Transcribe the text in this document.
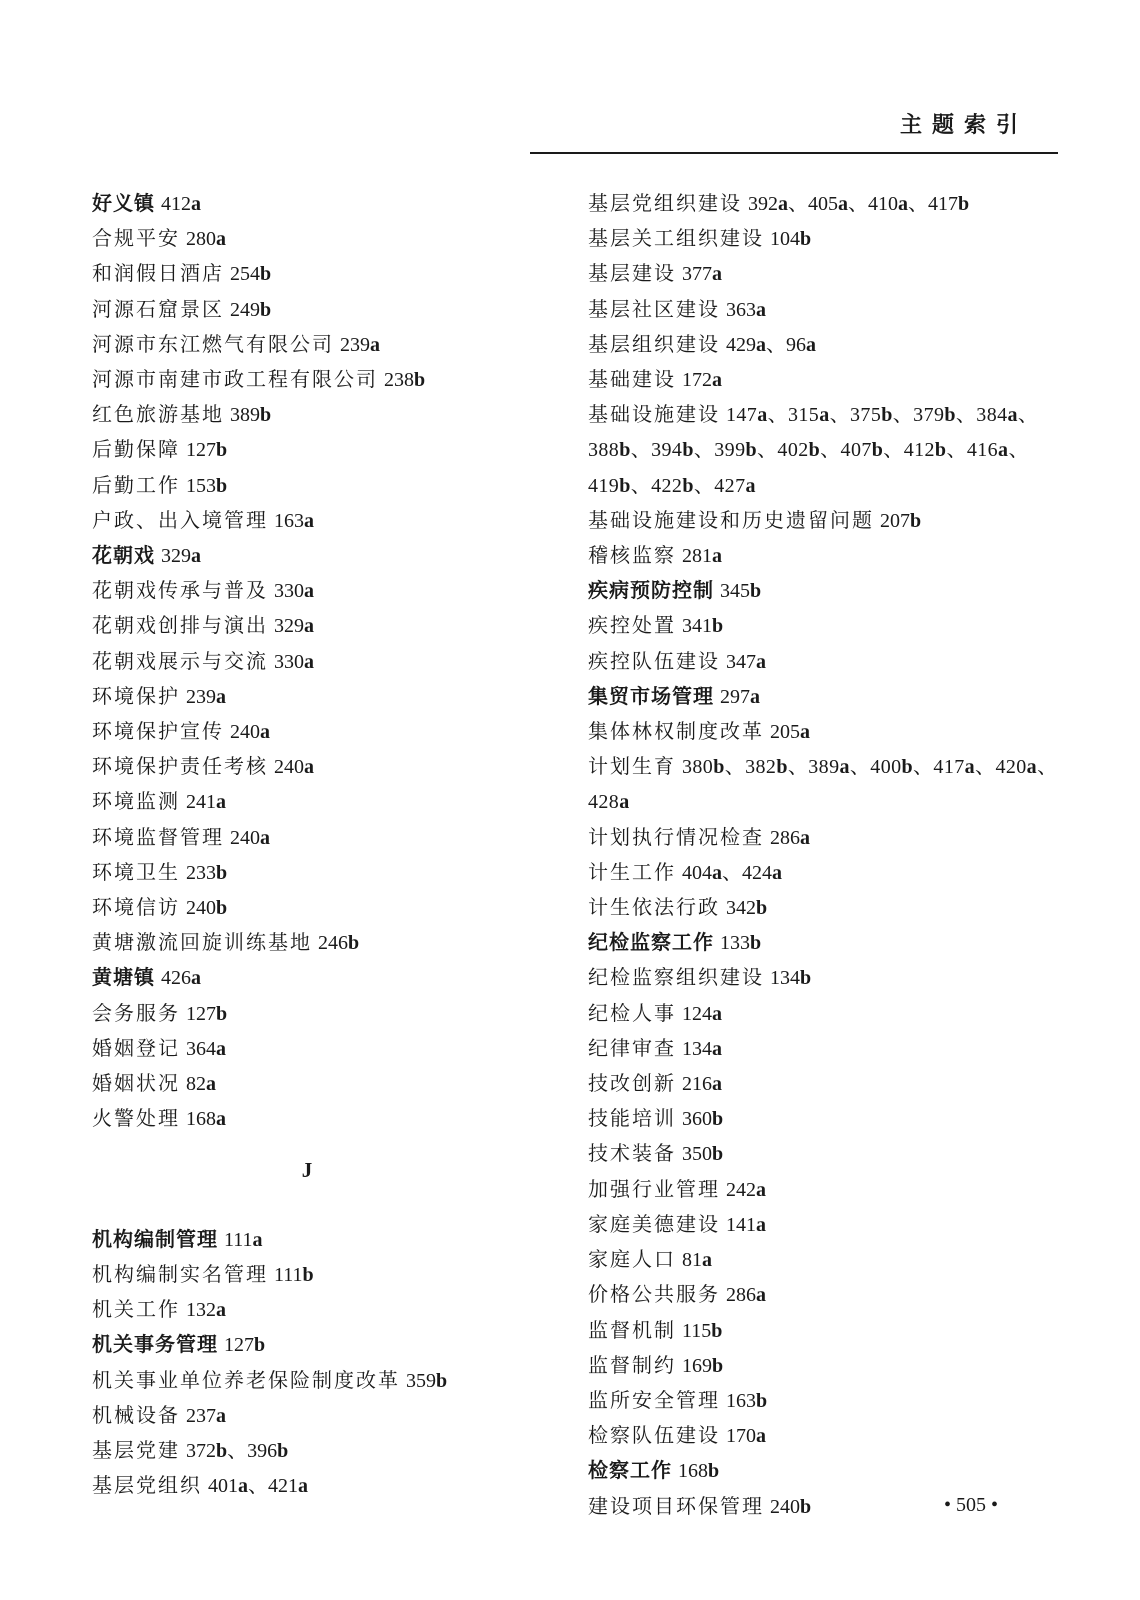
主题索引
好义镇 412a
合规平安 280a
和润假日酒店 254b
河源石窟景区 249b
河源市东江燃气有限公司 239a
河源市南建市政工程有限公司 238b
红色旅游基地 389b
后勤保障 127b
后勤工作 153b
户政、出入境管理 163a
花朝戏 329a
花朝戏传承与普及 330a
花朝戏创排与演出 329a
花朝戏展示与交流 330a
环境保护 239a
环境保护宣传 240a
环境保护责任考核 240a
环境监测 241a
环境监督管理 240a
环境卫生 233b
环境信访 240b
黄塘激流回旋训练基地 246b
黄塘镇 426a
会务服务 127b
婚姻登记 364a
婚姻状况 82a
火警处理 168a
J
机构编制管理 111a
机构编制实名管理 111b
机关工作 132a
机关事务管理 127b
机关事业单位养老保险制度改革 359b
机械设备 237a
基层党建 372b、396b
基层党组织 401a、421a
基层党组织建设 392a、405a、410a、417b
基层关工组织建设 104b
基层建设 377a
基层社区建设 363a
基层组织建设 429a、96a
基础建设 172a
基础设施建设 147a、315a、375b、379b、384a、388b、394b、399b、402b、407b、412b、416a、419b、422b、427a
基础设施建设和历史遗留问题 207b
稽核监察 281a
疾病预防控制 345b
疾控处置 341b
疾控队伍建设 347a
集贸市场管理 297a
集体林权制度改革 205a
计划生育 380b、382b、389a、400b、417a、420a、428a
计划执行情况检查 286a
计生工作 404a、424a
计生依法行政 342b
纪检监察工作 133b
纪检监察组织建设 134b
纪检人事 124a
纪律审查 134a
技改创新 216a
技能培训 360b
技术装备 350b
加强行业管理 242a
家庭美德建设 141a
家庭人口 81a
价格公共服务 286a
监督机制 115b
监督制约 169b
监所安全管理 163b
检察队伍建设 170a
检察工作 168b
建设项目环保管理 240b	• 505 •
